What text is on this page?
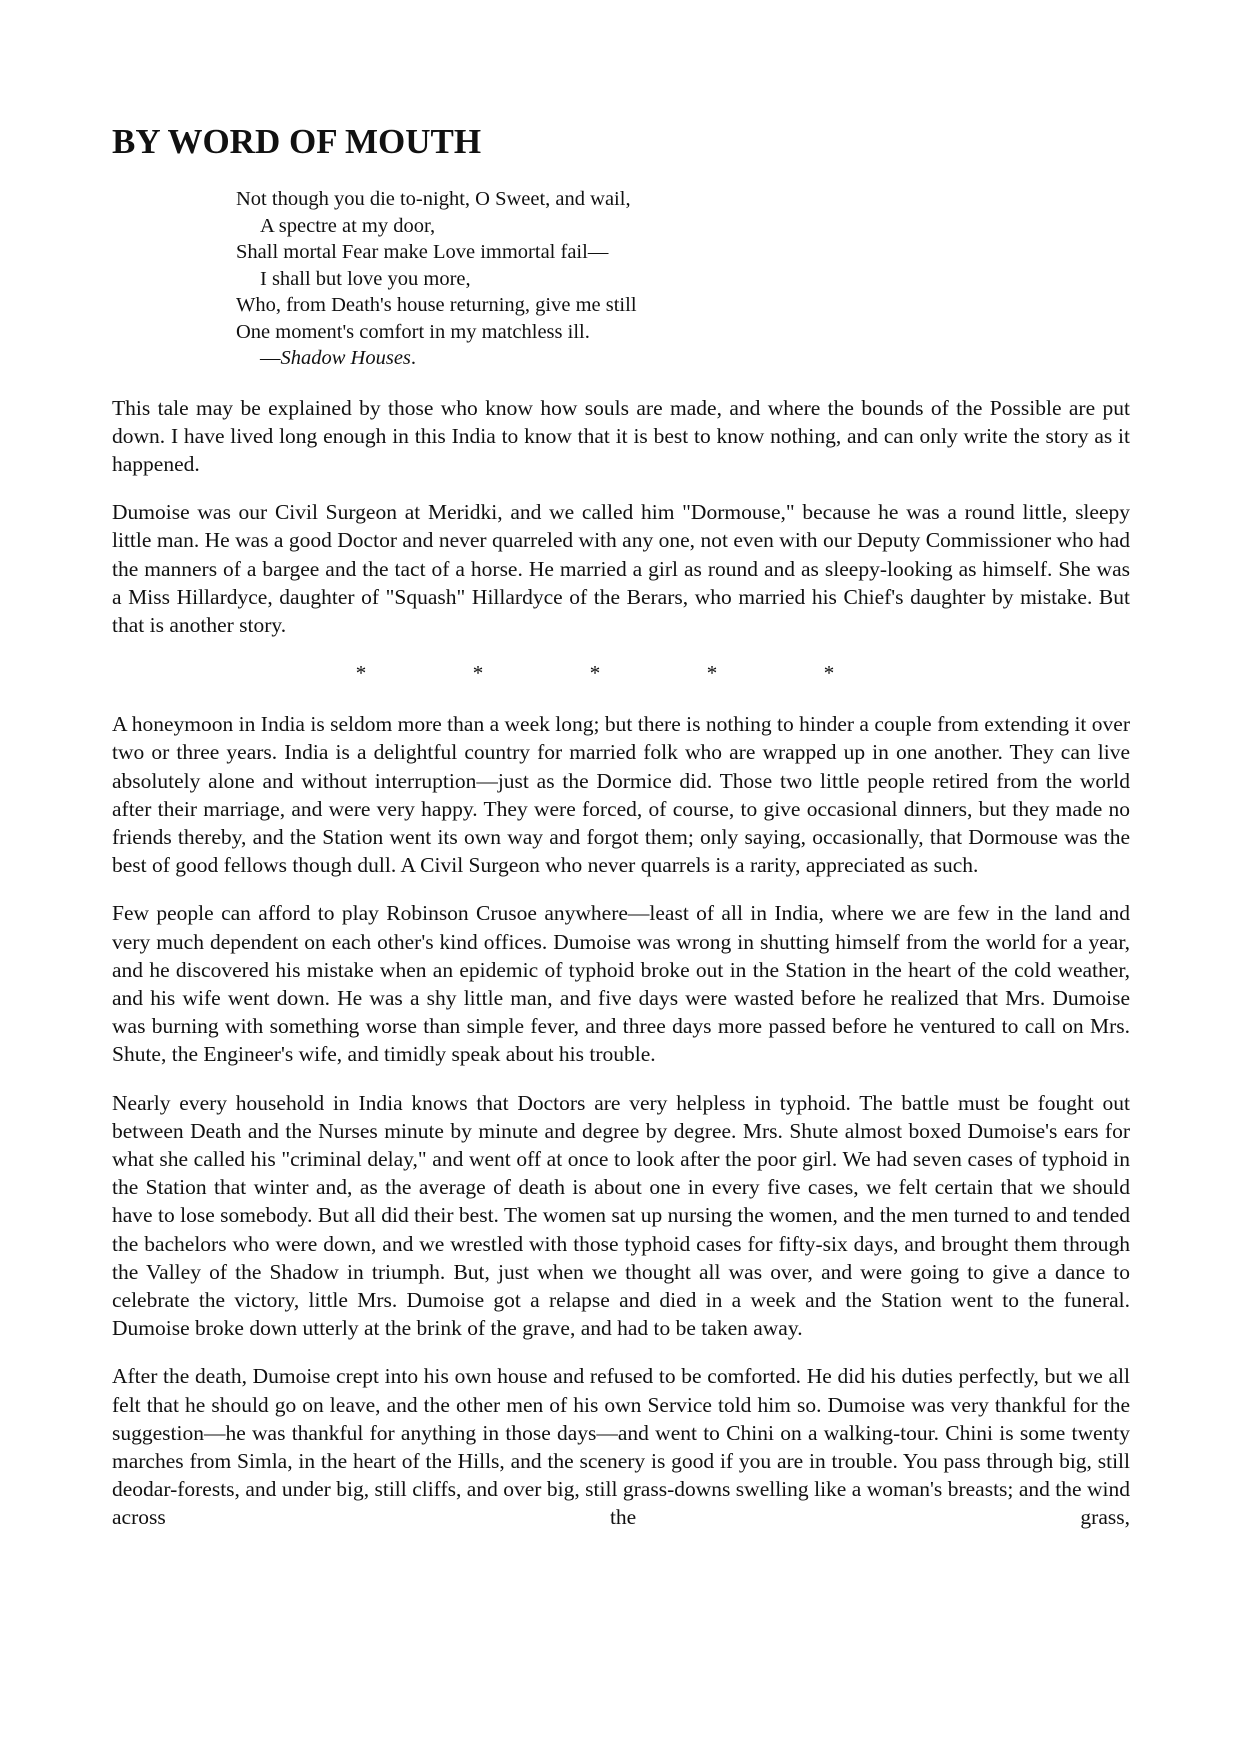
BY WORD OF MOUTH
Not though you die to-night, O Sweet, and wail,
A spectre at my door,
Shall mortal Fear make Love immortal fail—
I shall but love you more,
Who, from Death's house returning, give me still
One moment's comfort in my matchless ill.
—Shadow Houses.

This tale may be explained by those who know how souls are made, and where the bounds of the Possible are put down. I have lived long enough in this India to know that it is best to know nothing, and can only write the story as it happened.

Dumoise was our Civil Surgeon at Meridki, and we called him "Dormouse," because he was a round little, sleepy little man. He was a good Doctor and never quarreled with any one, not even with our Deputy Commissioner who had the manners of a bargee and the tact of a horse. He married a girl as round and as sleepy-looking as himself. She was a Miss Hillardyce, daughter of "Squash" Hillardyce of the Berars, who married his Chief's daughter by mistake. But that is another story.

*	*	*	*	*

A honeymoon in India is seldom more than a week long; but there is nothing to hinder a couple from extending it over two or three years. India is a delightful country for married folk who are wrapped up in one another. They can live absolutely alone and without interruption—just as the Dormice did. Those two little people retired from the world after their marriage, and were very happy. They were forced, of course, to give occasional dinners, but they made no friends thereby, and the Station went its own way and forgot them; only saying, occasionally, that Dormouse was the best of good fellows though dull. A Civil Surgeon who never quarrels is a rarity, appreciated as such.

Few people can afford to play Robinson Crusoe anywhere—least of all in India, where we are few in the land and very much dependent on each other's kind offices. Dumoise was wrong in shutting himself from the world for a year, and he discovered his mistake when an epidemic of typhoid broke out in the Station in the heart of the cold weather, and his wife went down. He was a shy little man, and five days were wasted before he realized that Mrs. Dumoise was burning with something worse than simple fever, and three days more passed before he ventured to call on Mrs. Shute, the Engineer's wife, and timidly speak about his trouble.

Nearly every household in India knows that Doctors are very helpless in typhoid. The battle must be fought out between Death and the Nurses minute by minute and degree by degree. Mrs. Shute almost boxed Dumoise's ears for what she called his "criminal delay," and went off at once to look after the poor girl. We had seven cases of typhoid in the Station that winter and, as the average of death is about one in every five cases, we felt certain that we should have to lose somebody. But all did their best. The women sat up nursing the women, and the men turned to and tended the bachelors who were down, and we wrestled with those typhoid cases for fifty-six days, and brought them through the Valley of the Shadow in triumph. But, just when we thought all was over, and were going to give a dance to celebrate the victory, little Mrs. Dumoise got a relapse and died in a week and the Station went to the funeral. Dumoise broke down utterly at the brink of the grave, and had to be taken away.

After the death, Dumoise crept into his own house and refused to be comforted. He did his duties perfectly, but we all felt that he should go on leave, and the other men of his own Service told him so. Dumoise was very thankful for the suggestion—he was thankful for anything in those days—and went to Chini on a walking-tour. Chini is some twenty marches from Simla, in the heart of the Hills, and the scenery is good if you are in trouble. You pass through big, still deodar-forests, and under big, still cliffs, and over big, still grass-downs swelling like a woman's breasts; and the wind across the grass,
